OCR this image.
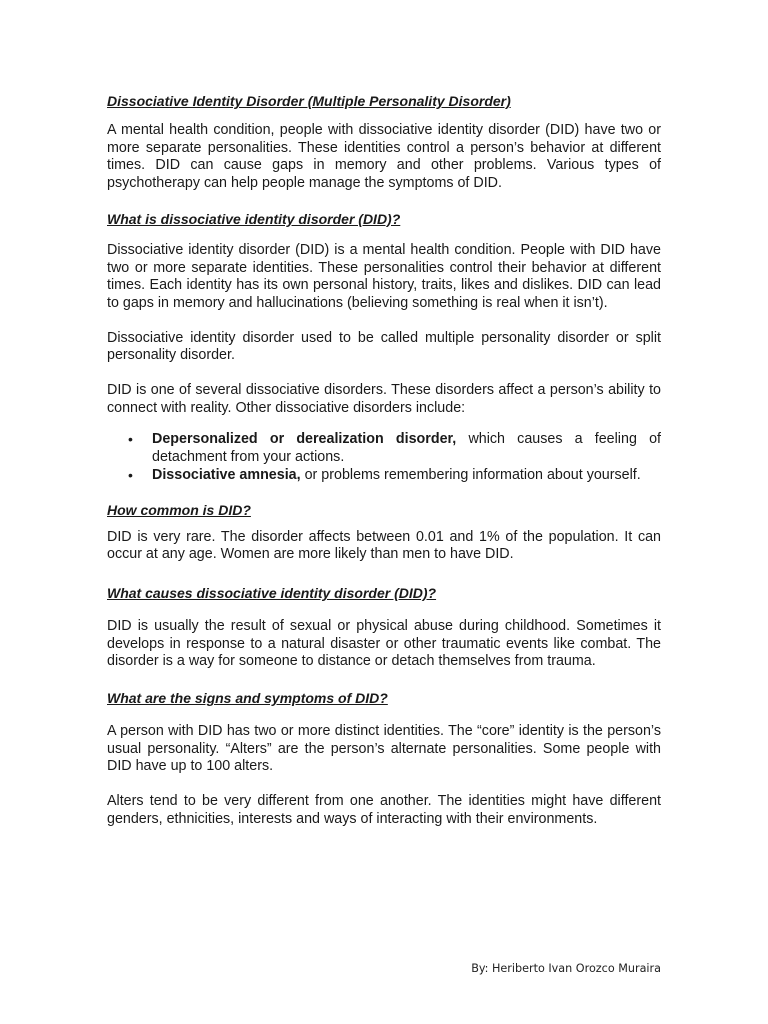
Dissociative Identity Disorder (Multiple Personality Disorder)

A mental health condition, people with dissociative identity disorder (DID) have two or more separate personalities. These identities control a person’s behavior at different times. DID can cause gaps in memory and other problems. Various types of psychotherapy can help people manage the symptoms of DID.

What is dissociative identity disorder (DID)?

Dissociative identity disorder (DID) is a mental health condition. People with DID have two or more separate identities. These personalities control their behavior at different times. Each identity has its own personal history, traits, likes and dislikes. DID can lead to gaps in memory and hallucinations (believing something is real when it isn’t).

Dissociative identity disorder used to be called multiple personality disorder or split personality disorder.

DID is one of several dissociative disorders. These disorders affect a person’s ability to connect with reality. Other dissociative disorders include:

• Depersonalized or derealization disorder, which causes a feeling of detachment from your actions.
• Dissociative amnesia, or problems remembering information about yourself.
How common is DID?

DID is very rare. The disorder affects between 0.01 and 1% of the population. It can occur at any age. Women are more likely than men to have DID.

What causes dissociative identity disorder (DID)?

DID is usually the result of sexual or physical abuse during childhood. Sometimes it develops in response to a natural disaster or other traumatic events like combat. The disorder is a way for someone to distance or detach themselves from trauma.

What are the signs and symptoms of DID?

A person with DID has two or more distinct identities. The “core” identity is the person’s usual personality. “Alters” are the person’s alternate personalities. Some people with DID have up to 100 alters.

Alters tend to be very different from one another. The identities might have different genders, ethnicities, interests and ways of interacting with their environments.

By: Heriberto Ivan Orozco Muraira
